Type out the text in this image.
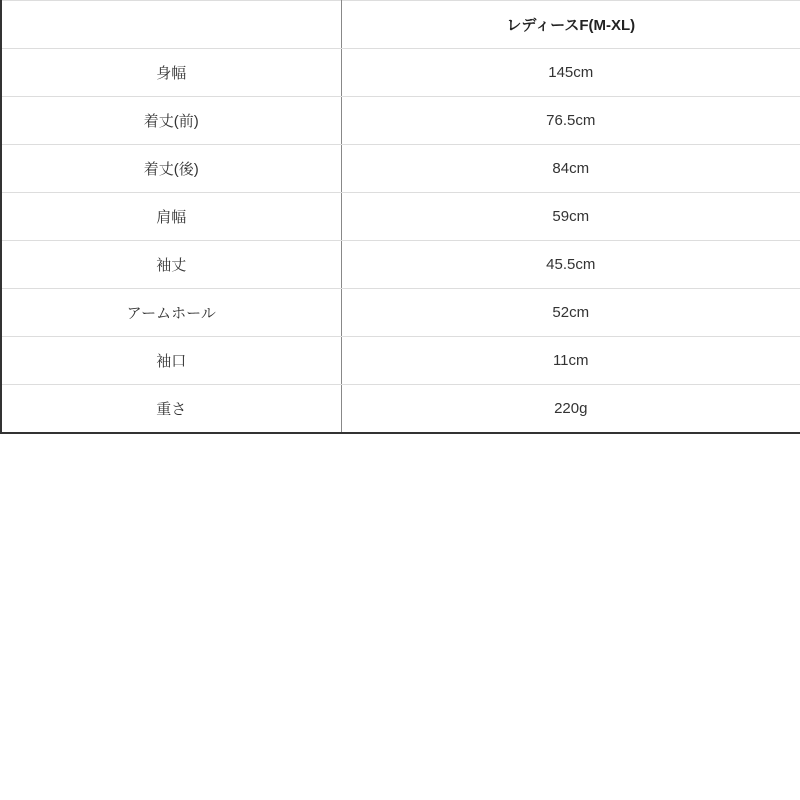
	レディースF(M-XL)
身幅	145cm
着丈(前)	76.5cm
着丈(後)	84cm
肩幅	59cm
袖丈	45.5cm
アームホール	52cm
袖口	11cm
重さ	220g
